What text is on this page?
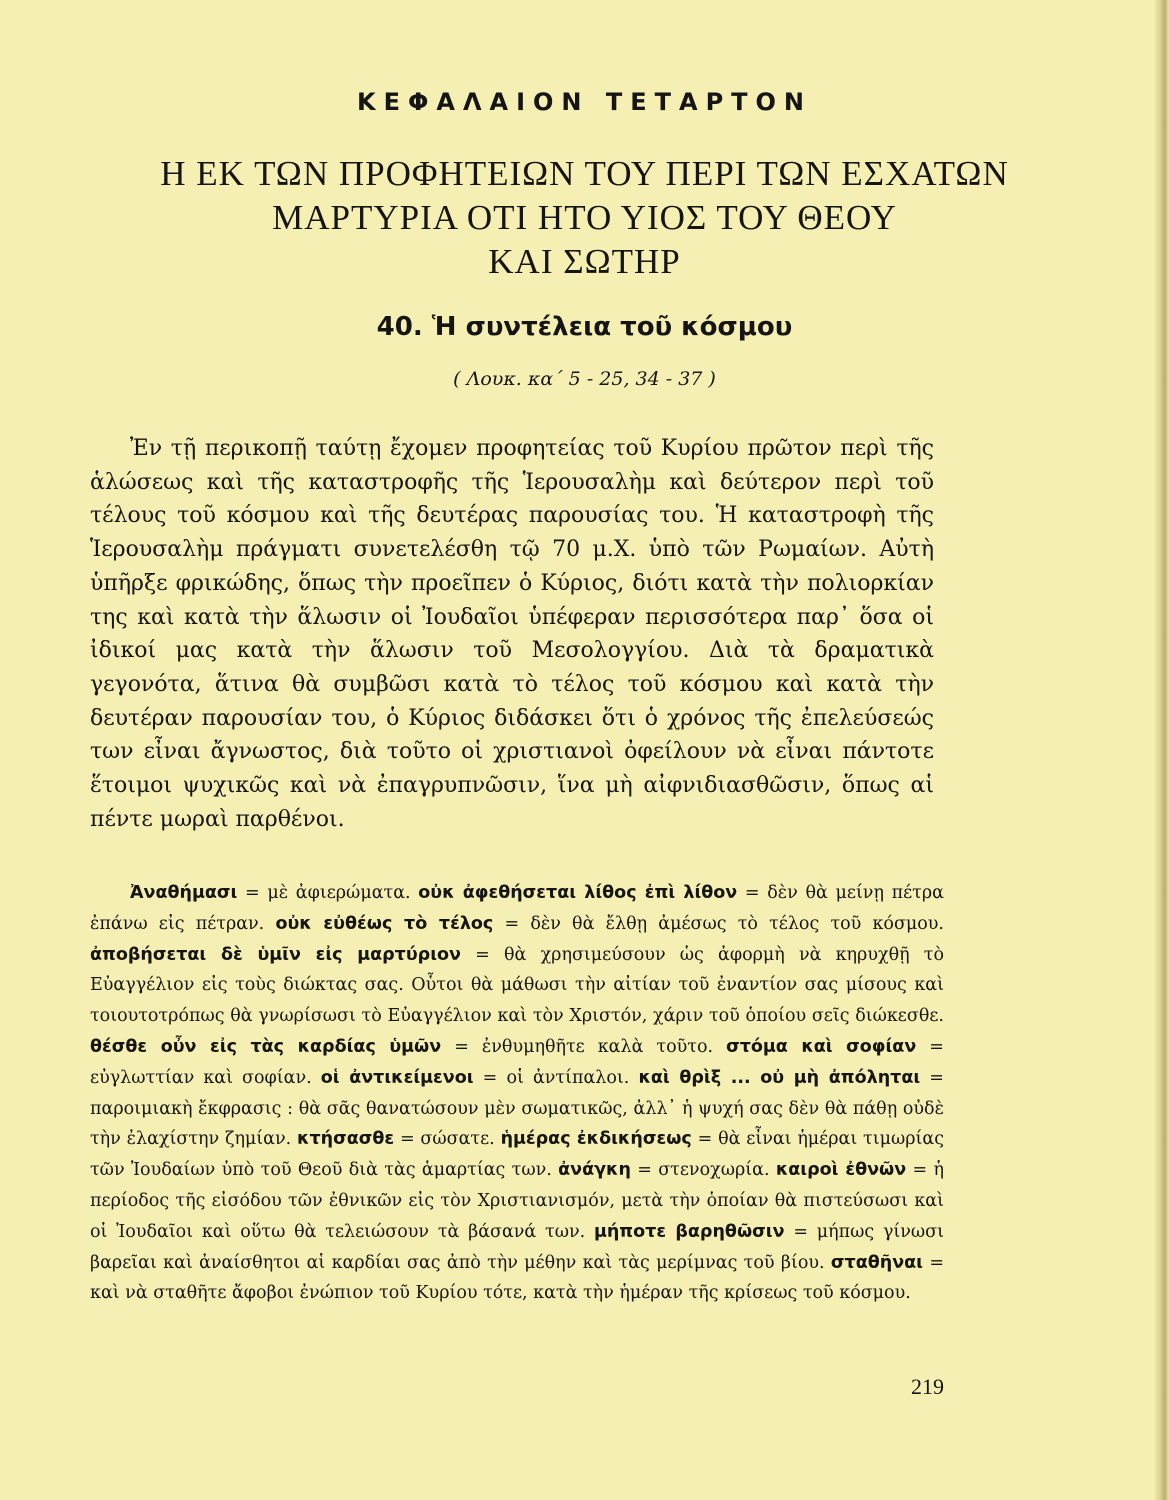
ΚΕΦΑΛΑΙΟΝ ΤΕΤΑΡΤΟΝ
Η ΕΚ ΤΩΝ ΠΡΟΦΗΤΕΙΩΝ ΤΟΥ ΠΕΡΙ ΤΩΝ ΕΣΧΑΤΩΝ
ΜΑΡΤΥΡΙΑ ΟΤΙ ΗΤΟ ΥΙΟΣ ΤΟΥ ΘΕΟΥ
ΚΑΙ ΣΩΤΗΡ
40. Ἡ συντέλεια τοῦ κόσμου
( Λουκ. κα΄ 5 - 25, 34 - 37 )

Ἐν τῇ περικοπῇ ταύτῃ ἔχομεν προφητείας τοῦ Κυρίου πρῶτον περὶ τῆς ἁλώσεως καὶ τῆς καταστροφῆς τῆς Ἱερουσαλὴμ καὶ δεύτερον περὶ τοῦ τέλους τοῦ κόσμου καὶ τῆς δευτέρας παρουσίας του. Ἡ καταστροφὴ τῆς Ἱερουσαλὴμ πράγματι συνετελέσθη τῷ 70 μ.Χ. ὑπὸ τῶν Ρωμαίων. Αὐτὴ ὑπῆρξε φρικώδης, ὅπως τὴν προεῖπεν ὁ Κύριος, διότι κατὰ τὴν πολιορκίαν της καὶ κατὰ τὴν ἅλωσιν οἱ Ἰουδαῖοι ὑπέφεραν περισσότερα παρ᾽ ὅσα οἱ ἰδικοί μας κατὰ τὴν ἅλωσιν τοῦ Μεσολογγίου. Διὰ τὰ δραματικὰ γεγονότα, ἅτινα θὰ συμβῶσι κατὰ τὸ τέλος τοῦ κόσμου καὶ κατὰ τὴν δευτέραν παρουσίαν του, ὁ Κύριος διδάσκει ὅτι ὁ χρόνος τῆς ἐπελεύσεώς των εἶναι ἄγνωστος, διὰ τοῦτο οἱ χριστιανοὶ ὀφείλουν νὰ εἶναι πάντοτε ἕτοιμοι ψυχικῶς καὶ νὰ ἐπαγρυπνῶσιν, ἵνα μὴ αἰφνιδιασθῶσιν, ὅπως αἱ πέντε μωραὶ παρθένοι.

Ἀναθήμασι = μὲ ἀφιερώματα. οὐκ ἀφεθήσεται λίθος ἐπὶ λίθον = δὲν θὰ μείνῃ πέτρα ἐπάνω εἰς πέτραν. οὐκ εὐθέως τὸ τέλος = δὲν θὰ ἔλθῃ ἀμέσως τὸ τέλος τοῦ κόσμου. ἀποβήσεται δὲ ὑμῖν εἰς μαρτύριον = θὰ χρησιμεύσουν ὡς ἀφορμὴ νὰ κηρυχθῇ τὸ Εὐαγγέλιον εἰς τοὺς διώκτας σας. Οὗτοι θὰ μάθωσι τὴν αἰτίαν τοῦ ἐναντίον σας μίσους καὶ τοιουτοτρόπως θὰ γνωρίσωσι τὸ Εὐαγγέλιον καὶ τὸν Χριστόν, χάριν τοῦ ὁποίου σεῖς διώκεσθε. θέσθε οὖν εἰς τὰς καρδίας ὑμῶν = ἐνθυμηθῆτε καλὰ τοῦτο. στόμα καὶ σοφίαν = εὐγλωττίαν καὶ σοφίαν. οἱ ἀντικείμενοι = οἱ ἀντίπαλοι. καὶ θρὶξ ... οὐ μὴ ἀπόληται = παροιμιακὴ ἔκφρασις : θὰ σᾶς θανατώσουν μὲν σωματικῶς, ἀλλ᾽ ἡ ψυχή σας δὲν θὰ πάθῃ οὐδὲ τὴν ἐλαχίστην ζημίαν. κτήσασθε = σώσατε. ἡμέρας ἐκδικήσεως = θὰ εἶναι ἡμέραι τιμωρίας τῶν Ἰουδαίων ὑπὸ τοῦ Θεοῦ διὰ τὰς ἁμαρτίας των. ἀνάγκη = στενοχωρία. καιροὶ ἐθνῶν = ἡ περίοδος τῆς εἰσόδου τῶν ἐθνικῶν εἰς τὸν Χριστιανισμόν, μετὰ τὴν ὁποίαν θὰ πιστεύσωσι καὶ οἱ Ἰουδαῖοι καὶ οὕτω θὰ τελειώσουν τὰ βάσανά των. μήποτε βαρηθῶσιν = μήπως γίνωσι βαρεῖαι καὶ ἀναίσθητοι αἱ καρδίαι σας ἀπὸ τὴν μέθην καὶ τὰς μερίμνας τοῦ βίου. σταθῆναι = καὶ νὰ σταθῆτε ἄφοβοι ἐνώπιον τοῦ Κυρίου τότε, κατὰ τὴν ἡμέραν τῆς κρίσεως τοῦ κόσμου.

219
